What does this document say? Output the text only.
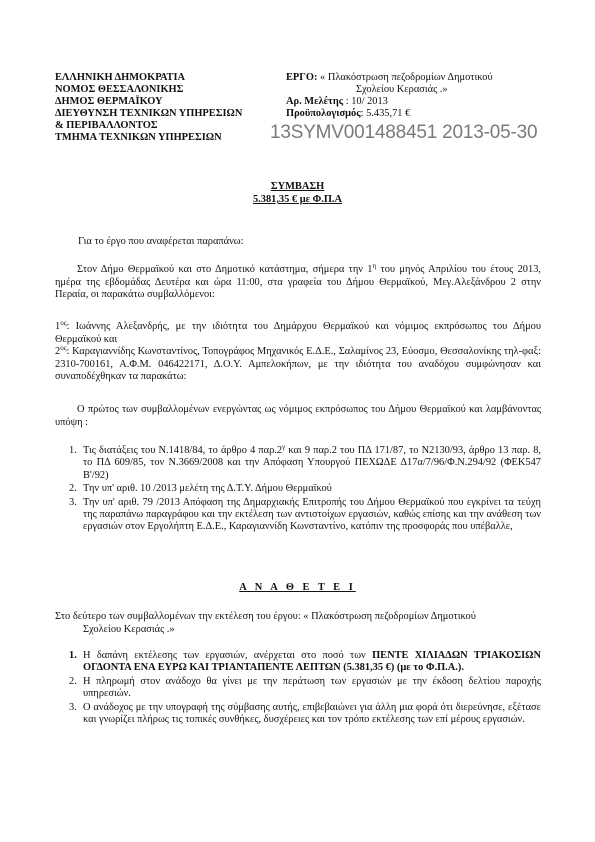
ΕΛΛΗΝΙΚΗ ΔΗΜΟΚΡΑΤΙΑ
ΝΟΜΟΣ ΘΕΣΣΑΛΟΝΙΚΗΣ
ΔΗΜΟΣ ΘΕΡΜΑΪΚΟΥ
ΔΙΕΥΘΥΝΣΗ ΤΕΧΝΙΚΩΝ ΥΠΗΡΕΣΙΩΝ
& ΠΕΡΙΒΑΛΛΟΝΤΟΣ
ΤΜΗΜΑ ΤΕΧΝΙΚΩΝ ΥΠΗΡΕΣΙΩΝ
ΕΡΓΟ: « Πλακόστρωση πεζοδρομίων Δημοτικού
Σχολείου Κερασιάς .»
Αρ. Μελέτης : 10/ 2013
Προϋπολογισμός: 5.435,71 €
13SYMV001488451 2013-05-30
ΣΥΜΒΑΣΗ
5.381,35 € με Φ.Π.Α
Για το έργο που αναφέρεται παραπάνω:
Στον Δήμο Θερμαϊκού και στο Δημοτικό κατάστημα, σήμερα την $1^\eta$ του μηνός Απριλίου του έτους 2013, ημέρα της εβδομάδας Δευτέρα και ώρα 11:00, στα γραφεία του Δήμου Θερμαϊκού, Μεγ.Αλεξάνδρου 2 στην Περαία, οι παρακάτω συμβαλλόμενοι:
$1^{o\varsigma}$: Ιωάννης Αλεξανδρής, με την ιδιότητα του Δημάρχου Θερμαϊκού και νόμιμος εκπρόσωπος του Δήμου Θερμαϊκού και
$2^{o\varsigma}$: Καραγιαννίδης Κωνσταντίνος, Τοπογράφος Μηχανικός Ε.Δ.Ε., Σαλαμίνος 23, Εύοσμο, Θεσσαλονίκης τηλ-φαξ: 2310-700161, Α.Φ.Μ. 046422171, Δ.Ο.Υ. Αμπελοκήπων, με την ιδιότητα του αναδόχου συμφώνησαν και συναποδέχθηκαν τα παρακάτω:
Ο πρώτος των συμβαλλομένων ενεργώντας ως νόμιμος εκπρόσωπος του Δήμου Θερμαϊκού και λαμβάνοντας υπόψη :
1. Τις διατάξεις του Ν.1418/84, το άρθρο 4 $\pi\alpha\rho.2^\gamma$ και 9 παρ.2 του ΠΔ 171/87, το Ν2130/93, άρθρο 13 παρ. 8, το ΠΔ 609/85, τον Ν.3669/2008 και την Απόφαση Υπουργού ΠΕΧΩΔΕ Δ17α/7/96/Φ.Ν.294/92 (ΦΕΚ547 Β'/92)
2. Την υπ' αριθ. 10 /2013 μελέτη της Δ.Τ.Υ. Δήμου Θερμαϊκού
3. Την υπ' αριθ. 79 /2013 Απόφαση της Δημαρχιακής Επιτροπής του Δήμου Θερμαϊκού που εγκρίνει τα τεύχη της παραπάνω παραγράφου και την εκτέλεση των αντιστοίχων εργασιών, καθώς επίσης και την ανάθεση των εργασιών στον Εργολήπτη Ε.Δ.Ε., Καραγιαννίδη Κωνσταντίνο, κατόπιν της προσφοράς που υπέβαλλε,
Α Ν Α Θ Ε Τ Ε Ι
Στο δεύτερο των συμβαλλομένων την εκτέλεση του έργου: « Πλακόστρωση πεζοδρομίων Δημοτικού
Σχολείου Κερασιάς .»
1. Η δαπάνη εκτέλεσης των εργασιών, ανέρχεται στο ποσό των ΠΕΝΤΕ ΧΙΛΙΑΔΩΝ ΤΡΙΑΚΟΣΙΩΝ ΟΓΔΟΝΤΑ ΕΝΑ ΕΥΡΩ ΚΑΙ ΤΡΙΑΝΤΑΠΕΝΤΕ ΛΕΠΤΩΝ (5.381,35 €) (με το Φ.Π.Α.).
2. Η πληρωμή στον ανάδοχο θα γίνει με την περάτωση των εργασιών με την έκδοση δελτίου παροχής υπηρεσιών.
3. Ο ανάδοχος με την υπογραφή της σύμβασης αυτής, επιβεβαιώνει για άλλη μια φορά ότι διερεύνησε, εξέτασε και γνωρίζει πλήρως τις τοπικές συνθήκες, δυσχέρειες και τον τρόπο εκτέλεσης των επί μέρους εργασιών.
